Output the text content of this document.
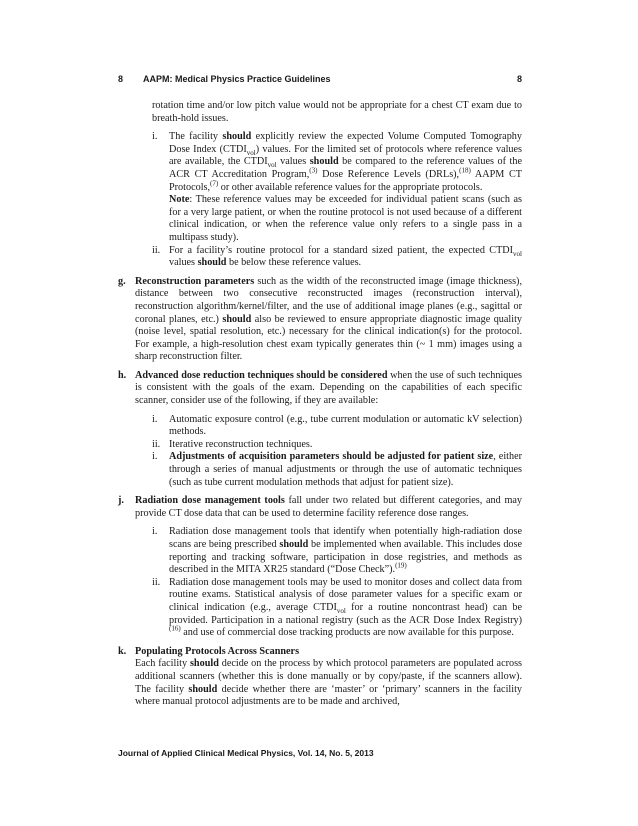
8 AAPM: Medical Physics Practice Guidelines	8

rotation time and/or low pitch value would not be appropriate for a chest CT exam due to breath-hold issues.

i. The facility should explicitly review the expected Volume Computed Tomography Dose Index $(CTDI_{vol})$ values. For the limited set of protocols where reference values are available, the $CTDI_{vol}$ values should be compared to the reference values of the ACR CT Accreditation Program,$^{(3)}$ Dose Reference Levels (DRLs),$^{(18)}$ AAPM CT Protocols,$^{(7)}$ or other available reference values for the appropriate protocols.

Note: These reference values may be exceeded for individual patient scans (such as for a very large patient, or when the routine protocol is not used because of a different clinical indication, or when the reference value only refers to a single pass in a multipass study).

ii. For a facility’s routine protocol for a standard sized patient, the expected $CTDI_{vol}$ values should be below these reference values.

g. Reconstruction parameters such as the width of the reconstructed image (image thickness), distance between two consecutive reconstructed images (reconstruction interval), reconstruction algorithm/kernel/filter, and the use of additional image planes (e.g., sagittal or coronal planes, etc.) should also be reviewed to ensure appropriate diagnostic image quality (noise level, spatial resolution, etc.) necessary for the clinical indication(s) for the protocol. For example, a high-resolution chest exam typically generates thin (~ 1 mm) images using a sharp reconstruction filter.

h. Advanced dose reduction techniques should be considered when the use of such techniques is consistent with the goals of the exam. Depending on the capabilities of each specific scanner, consider use of the following, if they are available:

i. Automatic exposure control (e.g., tube current modulation or automatic kV selection) methods.

ii. Iterative reconstruction techniques.

i. Adjustments of acquisition parameters should be adjusted for patient size, either through a series of manual adjustments or through the use of automatic techniques (such as tube current modulation methods that adjust for patient size).

j. Radiation dose management tools fall under two related but different categories, and may provide CT dose data that can be used to determine facility reference dose ranges.

i. Radiation dose management tools that identify when potentially high-radiation dose scans are being prescribed should be implemented when available. This includes dose reporting and tracking software, participation in dose registries, and methods as described in the MITA XR25 standard (“Dose Check”).$^{(19)}$

ii. Radiation dose management tools may be used to monitor doses and collect data from routine exams. Statistical analysis of dose parameter values for a specific exam or clinical indication (e.g., average $CTDI_{vol}$ for a routine noncontrast head) can be provided. Participation in a national registry (such as the ACR Dose Index Registry)$^{(16)}$ and use of commercial dose tracking products are now available for this purpose.

k. Populating Protocols Across Scanners

Each facility should decide on the process by which protocol parameters are populated across additional scanners (whether this is done manually or by copy/paste, if the scanners allow). The facility should decide whether there are ‘master’ or ‘primary’ scanners in the facility where manual protocol adjustments are to be made and archived,

Journal of Applied Clinical Medical Physics, Vol. 14, No. 5, 2013
